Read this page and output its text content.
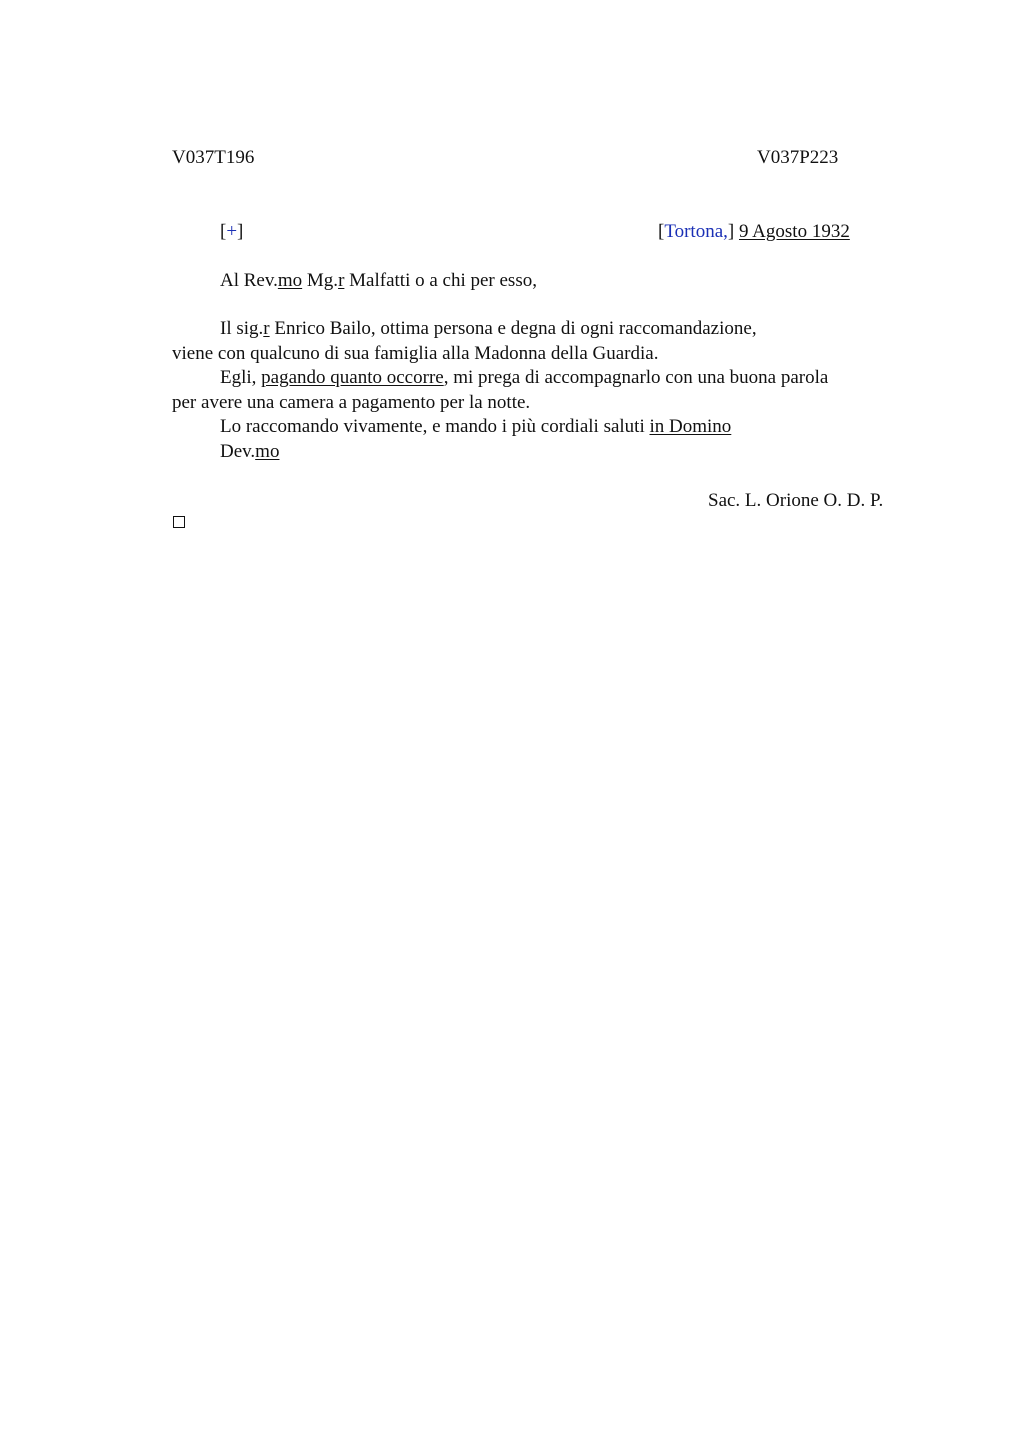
V037T196	V037P223
[+]	[Tortona,] 9 Agosto 1932
Al Rev.mo Mg.r Malfatti o a chi per esso,
Il sig.r Enrico Bailo, ottima persona e degna di ogni raccomandazione,
viene con qualcuno di sua famiglia alla Madonna della Guardia.
Egli, pagando quanto occorre, mi prega di accompagnarlo con una buona parola
per avere una camera a pagamento per la notte.
Lo raccomando vivamente, e mando i più cordiali saluti in Domino
Dev.mo
Sac. L. Orione O. D. P.
